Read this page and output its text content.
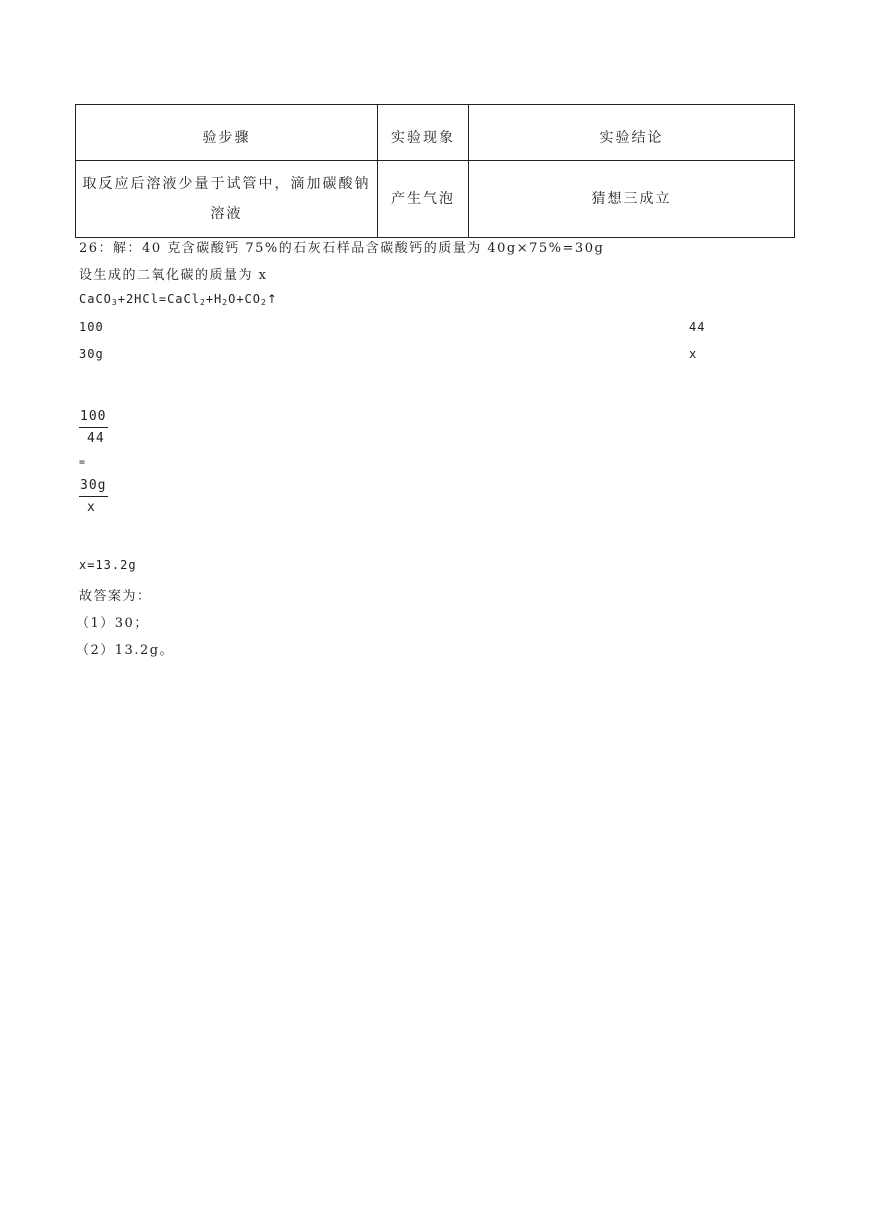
验步骤	实验现象	实验结论
取反应后溶液少量于试管中，滴加碳酸钠溶液	产生气泡	猜想三成立
26：解：40 克含碳酸钙 75%的石灰石样品含碳酸钙的质量为 40g×75%=30g
设生成的二氧化碳的质量为 x
$CaCO_3+2HCl=CaCl_2+H_2O+CO_2↑$
100	44
30g	x
$\frac{100}{44}$
=
$\frac{30g}{x}$
x=13.2g
故答案为：
（1）30；
（2）13.2g。
